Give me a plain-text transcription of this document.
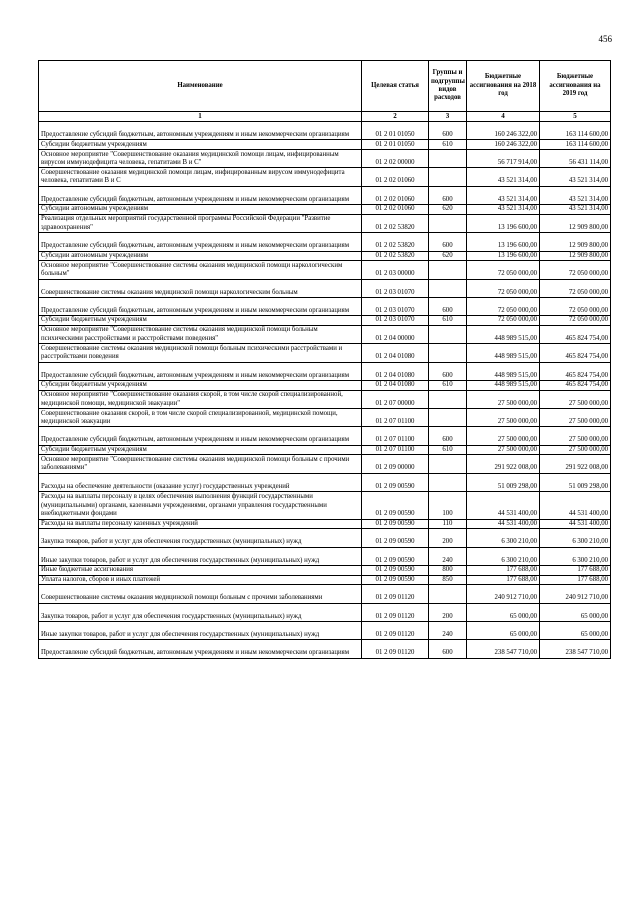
456
Наименование	Целевая статья	Группы и подгруппы видов расходов	Бюджетные ассигнования на 2018 год	Бюджетные ассигнования на 2019 год
1	2	3	4	5
Предоставление субсидий бюджетным, автономным учреждениям и иным некоммерческим организациям	01 2 01 01050	600	160 246 322,00	163 114 600,00
Субсидии бюджетным учреждениям	01 2 01 01050	610	160 246 322,00	163 114 600,00
Основное мероприятие "Совершенствование оказания медицинской помощи лицам, инфицированным вирусом иммунодефицита человека, гепатитами В и С"	01 2 02 00000		56 717 914,00	56 431 114,00
Совершенствование оказания медицинской помощи лицам, инфицированным вирусом иммунодефицита человека, гепатитами В и С	01 2 02 01060		43 521 314,00	43 521 314,00
Предоставление субсидий бюджетным, автономным учреждениям и иным некоммерческим организациям	01 2 02 01060	600	43 521 314,00	43 521 314,00
Субсидии автономным учреждениям	01 2 02 01060	620	43 521 314,00	43 521 314,00
Реализация отдельных мероприятий государственной программы Российской Федерации "Развитие здравоохранения"	01 2 02 53820		13 196 600,00	12 909 800,00
Предоставление субсидий бюджетным, автономным учреждениям и иным некоммерческим организациям	01 2 02 53820	600	13 196 600,00	12 909 800,00
Субсидии автономным учреждениям	01 2 02 53820	620	13 196 600,00	12 909 800,00
Основное мероприятие "Совершенствование системы оказания медицинской помощи наркологическим больным"	01 2 03 00000		72 050 000,00	72 050 000,00
Совершенствование системы оказания медицинской помощи наркологическим больным	01 2 03 01070		72 050 000,00	72 050 000,00
Предоставление субсидий бюджетным, автономным учреждениям и иным некоммерческим организациям	01 2 03 01070	600	72 050 000,00	72 050 000,00
Субсидии бюджетным учреждениям	01 2 03 01070	610	72 050 000,00	72 050 000,00
Основное мероприятие "Совершенствование системы оказания медицинской помощи больным психическими расстройствами и расстройствами поведения"	01 2 04 00000		448 989 515,00	465 824 754,00
Совершенствование системы оказания медицинской помощи больным психическими расстройствами и расстройствами поведения	01 2 04 01080		448 989 515,00	465 824 754,00
Предоставление субсидий бюджетным, автономным учреждениям и иным некоммерческим организациям	01 2 04 01080	600	448 989 515,00	465 824 754,00
Субсидии бюджетным учреждениям	01 2 04 01080	610	448 989 515,00	465 824 754,00
Основное мероприятие "Совершенствование оказания скорой, в том числе скорой специализированной, медицинской помощи, медицинской эвакуации"	01 2 07 00000		27 500 000,00	27 500 000,00
Совершенствование оказания скорой, в том числе скорой специализированной, медицинской помощи, медицинской эвакуации	01 2 07 01100		27 500 000,00	27 500 000,00
Предоставление субсидий бюджетным, автономным учреждениям и иным некоммерческим организациям	01 2 07 01100	600	27 500 000,00	27 500 000,00
Субсидии бюджетным учреждениям	01 2 07 01100	610	27 500 000,00	27 500 000,00
Основное мероприятие "Совершенствование системы оказания медицинской помощи больным с прочими заболеваниями"	01 2 09 00000		291 922 008,00	291 922 008,00
Расходы на обеспечение деятельности (оказание услуг) государственных учреждений	01 2 09 00590		51 009 298,00	51 009 298,00
Расходы на выплаты персоналу в целях обеспечения выполнения функций государственными (муниципальными) органами, казенными учреждениями, органами управления государственными внебюджетными фондами	01 2 09 00590	100	44 531 400,00	44 531 400,00
Расходы на выплаты персоналу казенных учреждений	01 2 09 00590	110	44 531 400,00	44 531 400,00
Закупка товаров, работ и услуг для обеспечения государственных (муниципальных) нужд	01 2 09 00590	200	6 300 210,00	6 300 210,00
Иные закупки товаров, работ и услуг для обеспечения государственных (муниципальных) нужд	01 2 09 00590	240	6 300 210,00	6 300 210,00
Иные бюджетные ассигнования	01 2 09 00590	800	177 688,00	177 688,00
Уплата налогов, сборов и иных платежей	01 2 09 00590	850	177 688,00	177 688,00
Совершенствование системы оказания медицинской помощи больным с прочими заболеваниями	01 2 09 01120		240 912 710,00	240 912 710,00
Закупка товаров, работ и услуг для обеспечения государственных (муниципальных) нужд	01 2 09 01120	200	65 000,00	65 000,00
Иные закупки товаров, работ и услуг для обеспечения государственных (муниципальных) нужд	01 2 09 01120	240	65 000,00	65 000,00
Предоставление субсидий бюджетным, автономным учреждениям и иным некоммерческим организациям	01 2 09 01120	600	238 547 710,00	238 547 710,00
